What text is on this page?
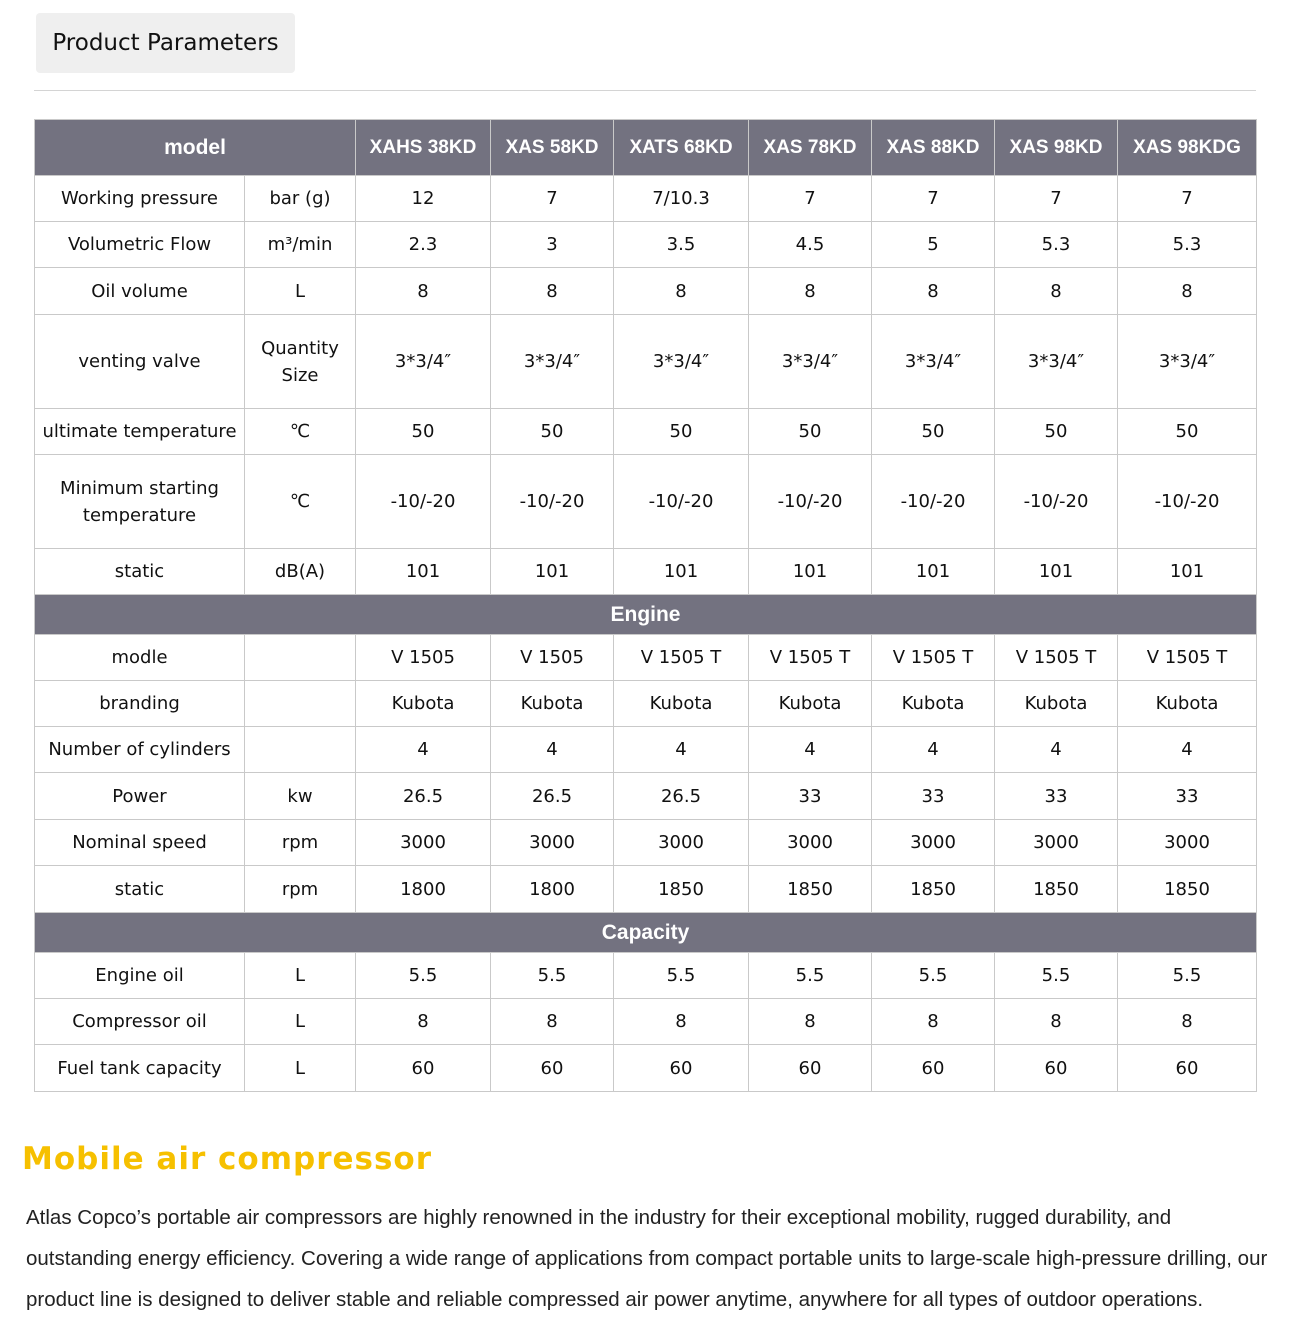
Product Parameters
model		XAHS 38KD	XAS 58KD	XATS 68KD	XAS 78KD	XAS 88KD	XAS 98KD	XAS 98KDG
Working pressure	bar (g)	12	7	7/10.3	7	7	7	7
Volumetric Flow	m³/min	2.3	3	3.5	4.5	5	5.3	5.3
Oil volume	L	8	8	8	8	8	8	8
venting valve	Quantity Size	3*3/4″	3*3/4″	3*3/4″	3*3/4″	3*3/4″	3*3/4″	3*3/4″
ultimate temperature	℃	50	50	50	50	50	50	50
Minimum starting temperature	℃	-10/-20	-10/-20	-10/-20	-10/-20	-10/-20	-10/-20	-10/-20
static	dB(A)	101	101	101	101	101	101	101
Engine								
modle		V 1505	V 1505	V 1505 T	V 1505 T	V 1505 T	V 1505 T	V 1505 T
branding		Kubota	Kubota	Kubota	Kubota	Kubota	Kubota	Kubota
Number of cylinders		4	4	4	4	4	4	4
Power	kw	26.5	26.5	26.5	33	33	33	33
Nominal speed	rpm	3000	3000	3000	3000	3000	3000	3000
static	rpm	1800	1800	1850	1850	1850	1850	1850
Capacity								
Engine oil	L	5.5	5.5	5.5	5.5	5.5	5.5	5.5
Compressor oil	L	8	8	8	8	8	8	8
Fuel tank capacity	L	60	60	60	60	60	60	60
Mobile air compressor

Atlas Copco’s portable air compressors are highly renowned in the industry for their exceptional mobility, rugged durability, and outstanding energy efficiency. Covering a wide range of applications from compact portable units to large-scale high-pressure drilling, our product line is designed to deliver stable and reliable compressed air power anytime, anywhere for all types of outdoor operations.
